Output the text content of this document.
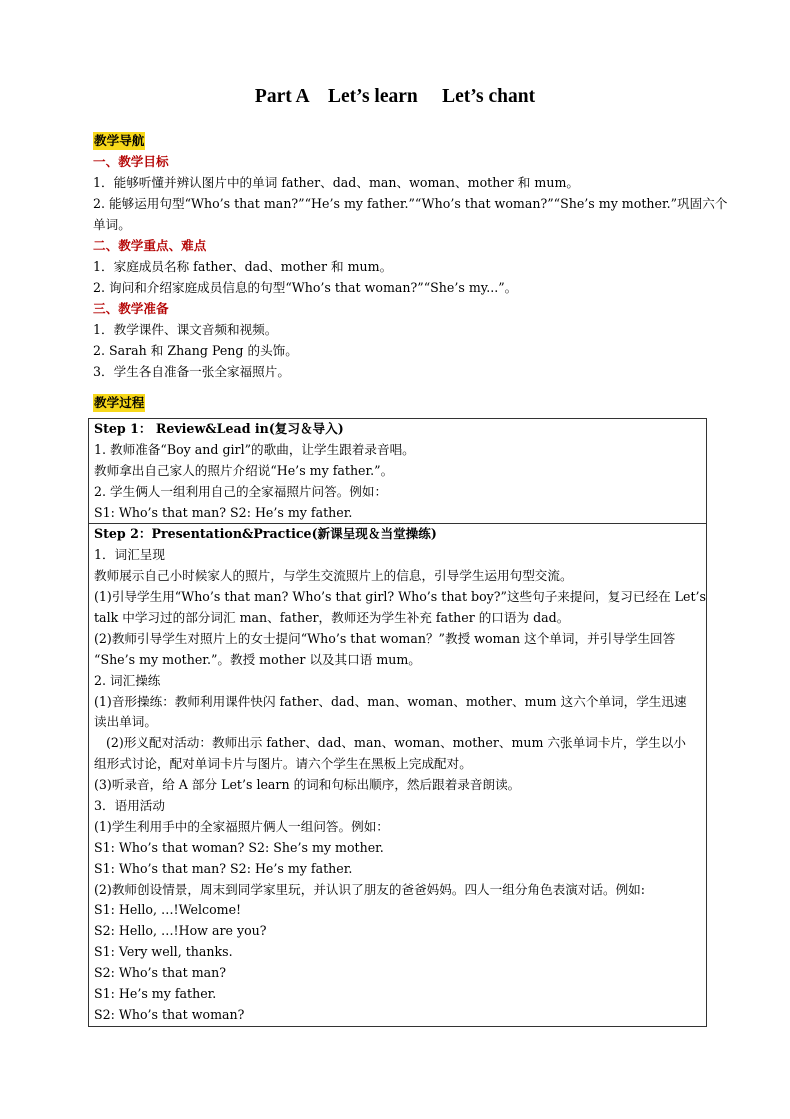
Part A    Let’s learn     Let’s chant
教学导航
一、教学目标
1．能够听懂并辨认图片中的单词 father、dad、man、woman、mother 和 mum。
2. 能够运用句型“Who’s that man?”“He’s my father.”“Who’s that woman?”“She’s my mother.”巩固六个
单词。
二、教学重点、难点
1．家庭成员名称 father、dad、mother 和 mum。
2. 询问和介绍家庭成员信息的句型“Who’s that woman?”“She’s my...”。
三、教学准备
1．教学课件、课文音频和视频。
2. Sarah 和 Zhang Peng 的头饰。
3．学生各自准备一张全家福照片。
教学过程
Step 1： Review&Lead in(复习＆导入)
1. 教师准备“Boy and girl”的歌曲，让学生跟着录音唱。
教师拿出自己家人的照片介绍说“He’s my father.”。
2. 学生俩人一组利用自己的全家福照片问答。例如：
S1: Who’s that man? S2: He’s my father.

Step 2：Presentation&Practice(新课呈现＆当堂操练)
1．词汇呈现
教师展示自己小时候家人的照片，与学生交流照片上的信息，引导学生运用句型交流。
(1)引导学生用“Who’s that man? Who’s that girl? Who’s that boy?”这些句子来提问，复习已经在 Let’s
talk 中学习过的部分词汇 man、father，教师还为学生补充 father 的口语为 dad。
(2)教师引导学生对照片上的女士提问“Who’s that woman？”教授 woman 这个单词，并引导学生回答
“She’s my mother.”。教授 mother 以及其口语 mum。
2. 词汇操练
(1)音形操练：教师利用课件快闪 father、dad、man、woman、mother、mum 这六个单词，学生迅速
读出单词。
(2)形义配对活动：教师出示 father、dad、man、woman、mother、mum 六张单词卡片，学生以小
组形式讨论，配对单词卡片与图片。请六个学生在黑板上完成配对。
(3)听录音，给 A 部分 Let’s learn 的词和句标出顺序，然后跟着录音朗读。
3．语用活动
(1)学生利用手中的全家福照片俩人一组问答。例如：
S1: Who’s that woman? S2: She’s my mother.
S1: Who’s that man? S2: He’s my father.
(2)教师创设情景，周末到同学家里玩，并认识了朋友的爸爸妈妈。四人一组分角色表演对话。例如:
S1: Hello, …!Welcome!
S2: Hello, …!How are you?
S1: Very well, thanks.
S2: Who’s that man?
S1: He’s my father.
S2: Who’s that woman?
